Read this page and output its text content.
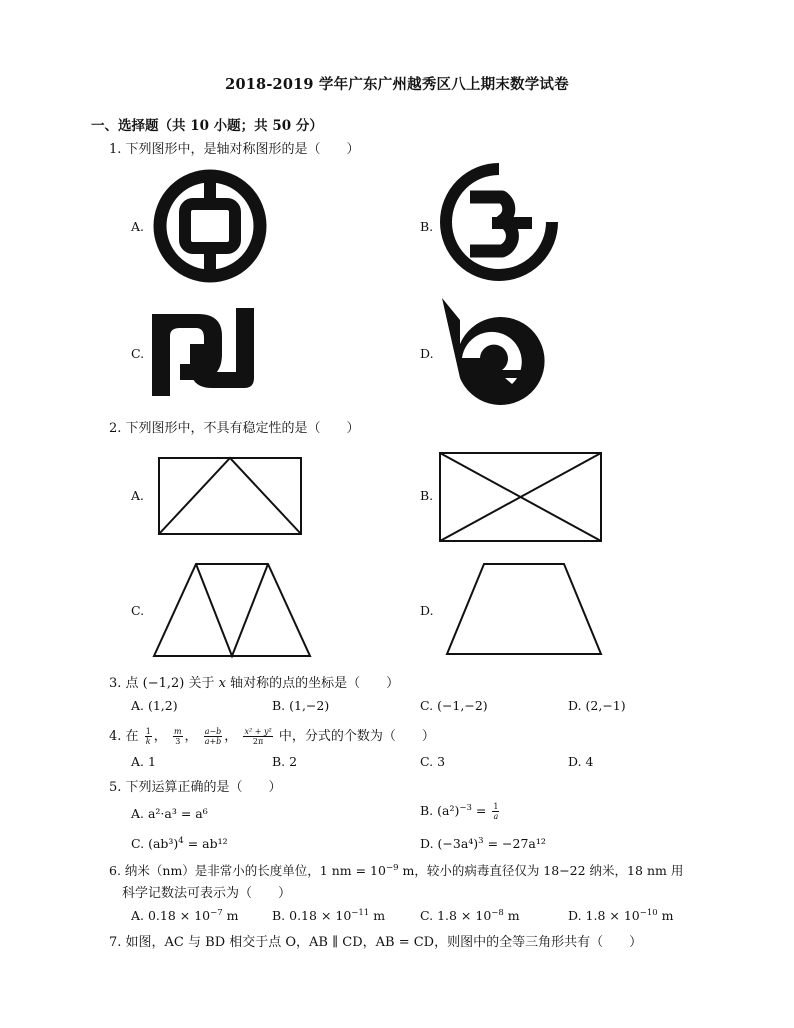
2018-2019 学年广东广州越秀区八上期末数学试卷
一、选择题（共 10 小题；共 50 分）
1. 下列图形中，是轴对称图形的是（　　）
A.	B.
C.	D.
2. 下列图形中，不具有稳定性的是（　　）
A.	B.
C.	D.
3. 点 (−1,2) 关于 x 轴对称的点的坐标是（　　）
A. (1,2)	B. (1,−2)	C. (−1,−2)	D. (2,−1)
4. 在 $\frac{1}{k}$ ， $\frac{m}{3}$ ， $\frac{a-b}{a+b}$ ， $\frac{\text{x² + y²}}{2\pi}$ 中，分式的个数为（　　）
A. 1	B. 2	C. 3	D. 4
5. 下列运算正确的是（　　）
A. a²·a³ = a⁶	B. $(a^2)^{-3} = \frac{1}{a}$
C. $(ab^3)^4 = ab^{12}$	D. $(-3a^4)^3 = -27a^{12}$
6. 纳米（nm）是非常小的长度单位，1 nm = $10^{-9}$ m，较小的病毒直径仅为 18−22 纳米，18 nm 用
科学记数法可表示为（　　）
A. $0.18 \times 10^{-7}$ m	B. $0.18 \times 10^{-11}$ m	C. $1.8 \times 10^{-8}$ m	D. $1.8 \times 10^{-10}$ m
7. 如图，AC 与 BD 相交于点 O，AB ∥ CD，AB = CD，则图中的全等三角形共有（　　）
